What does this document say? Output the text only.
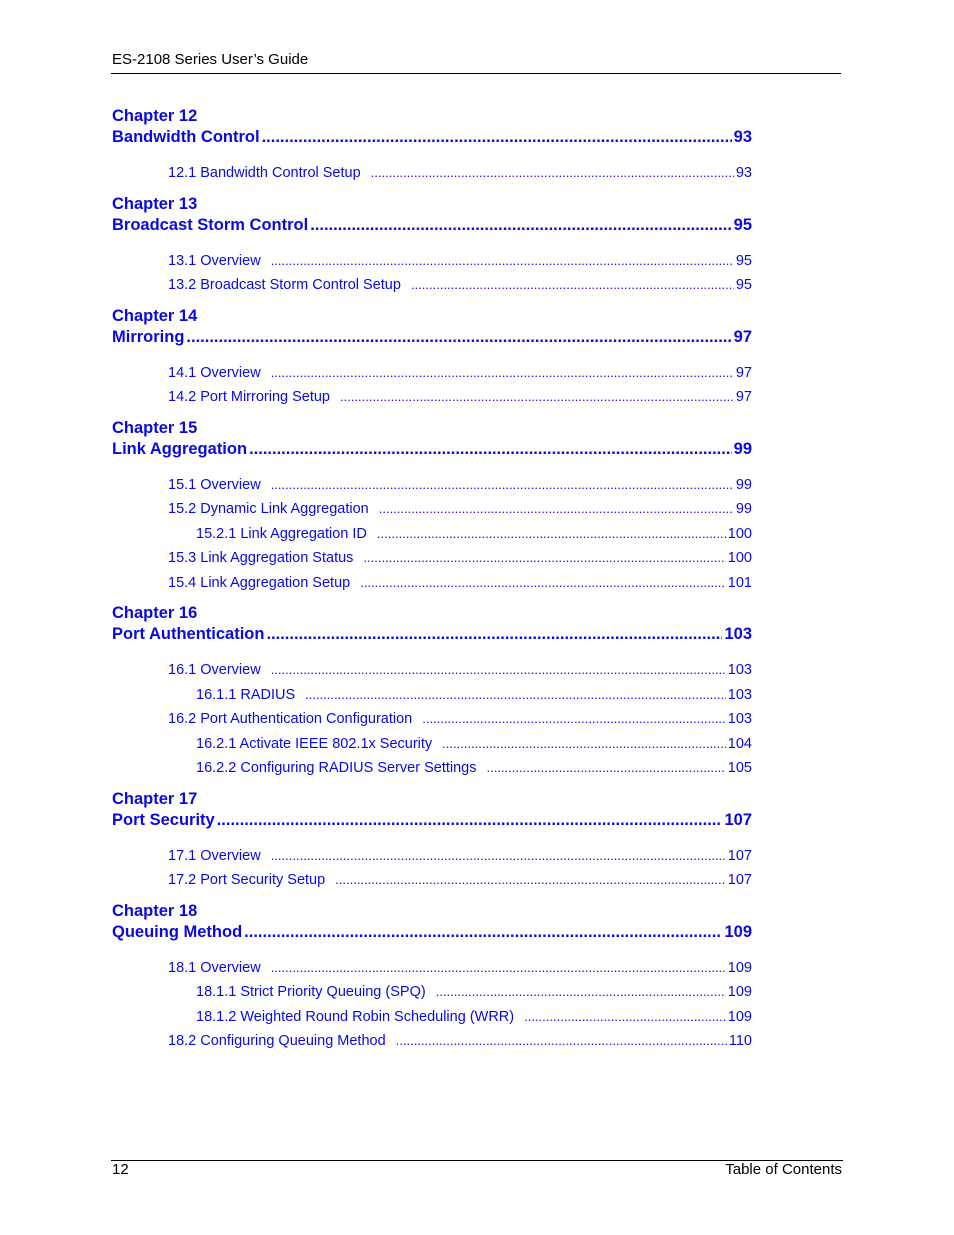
ES-2108 Series User’s Guide
Chapter 12
Bandwidth Control .....	93
12.1 Bandwidth Control Setup .....	93
Chapter 13
Broadcast Storm Control .....	95
13.1 Overview .....	95
13.2 Broadcast Storm Control Setup .....	95
Chapter 14
Mirroring .....	97
14.1 Overview .....	97
14.2 Port Mirroring Setup .....	97
Chapter 15
Link Aggregation .....	99
15.1 Overview .....	99
15.2 Dynamic Link Aggregation .....	99
15.2.1 Link Aggregation ID .....	100
15.3 Link Aggregation Status .....	100
15.4 Link Aggregation Setup .....	101
Chapter 16
Port Authentication .....	103
16.1 Overview .....	103
16.1.1 RADIUS .....	103
16.2 Port Authentication Configuration .....	103
16.2.1 Activate IEEE 802.1x Security .....	104
16.2.2 Configuring RADIUS Server Settings .....	105
Chapter 17
Port Security .....	107
17.1 Overview .....	107
17.2 Port Security Setup .....	107
Chapter 18
Queuing Method .....	109
18.1 Overview .....	109
18.1.1 Strict Priority Queuing (SPQ) .....	109
18.1.2 Weighted Round Robin Scheduling (WRR) .....	109
18.2 Configuring Queuing Method .....	110
12	Table of Contents
